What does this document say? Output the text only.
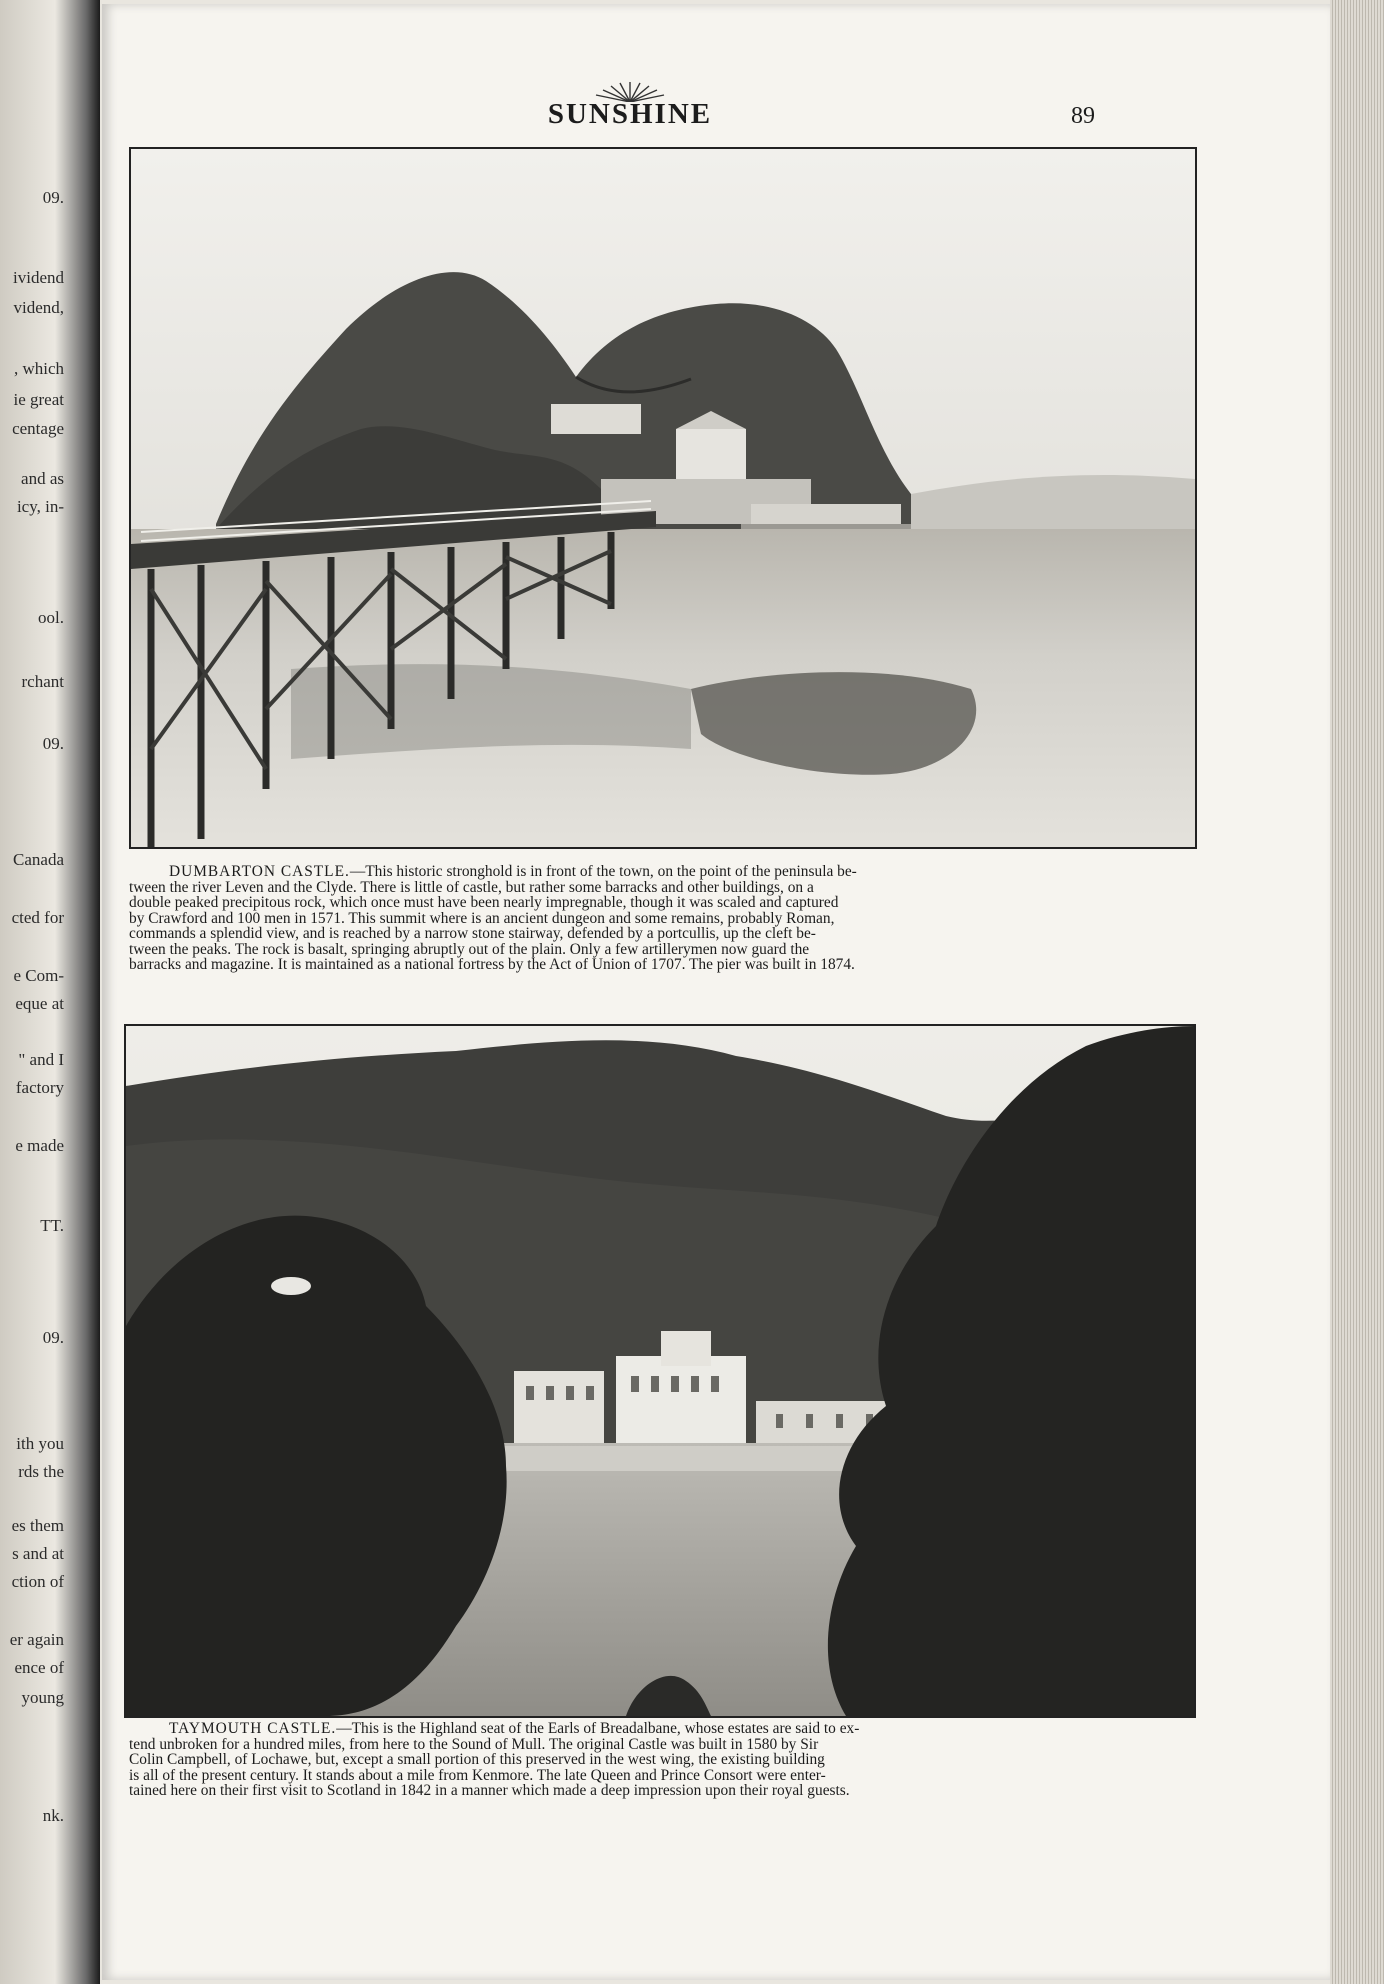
09.
ividend
vidend,
, which
ie great
centage
and as
icy, in-
ool.
rchant
09.
Canada
cted for
e Com-
eque at
" and I
factory
e made
TT.
09.
ith you
rds the
es them
s and at
ction of
er again
ence of
young
nk.
SUNSHINE	89
DUMBARTON CASTLE.—This historic stronghold is in front of the town, on the point of the peninsula be-
tween the river Leven and the Clyde. There is little of castle, but rather some barracks and other buildings, on a
double peaked precipitous rock, which once must have been nearly impregnable, though it was scaled and captured
by Crawford and 100 men in 1571. This summit where is an ancient dungeon and some remains, probably Roman,
commands a splendid view, and is reached by a narrow stone stairway, defended by a portcullis, up the cleft be-
tween the peaks. The rock is basalt, springing abruptly out of the plain. Only a few artillerymen now guard the
barracks and magazine. It is maintained as a national fortress by the Act of Union of 1707. The pier was built in 1874.
TAYMOUTH CASTLE.—This is the Highland seat of the Earls of Breadalbane, whose estates are said to ex-
tend unbroken for a hundred miles, from here to the Sound of Mull. The original Castle was built in 1580 by Sir
Colin Campbell, of Lochawe, but, except a small portion of this preserved in the west wing, the existing building
is all of the present century. It stands about a mile from Kenmore. The late Queen and Prince Consort were enter-
tained here on their first visit to Scotland in 1842 in a manner which made a deep impression upon their royal guests.
